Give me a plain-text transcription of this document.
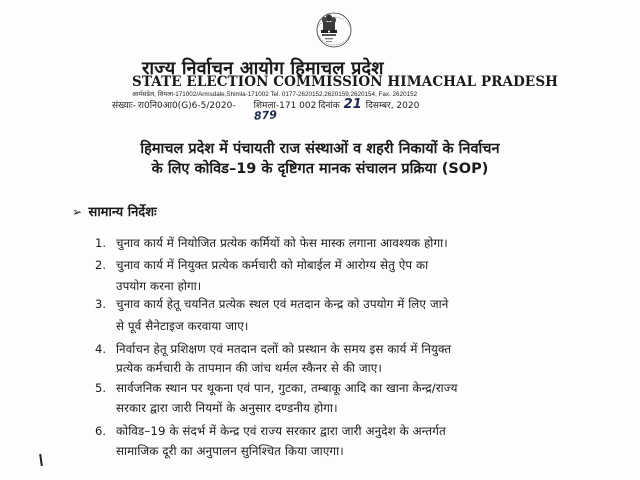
राज्य निर्वाचन आयोग हिमाचल प्रदेश
STATE ELECTION COMMISSION HIMACHAL PRADESH
आर्मसडेल, शिमला-171002/Armsdale,Shimla-171002 Tel. 0177-2620152,2620159,2620154, Fax. 2620152
संख्याः- रा0नि0आ0(G)6-5/2020- शिमला-171 002 दिनांक 21 दिसम्बर, 2020
879
हिमाचल प्रदेश में पंचायती राज संस्थाओं व शहरी निकायों के निर्वाचन
के लिए कोविड–19 के दृष्टिगत मानक संचालन प्रक्रिया (SOP)
➢ सामान्य निर्देशः
1. चुनाव कार्य में नियोजित प्रत्येक कर्मियों को फेस मास्क लगाना आवश्यक होगा।
2. चुनाव कार्य में नियुक्त प्रत्येक कर्मचारी को मोबाईल में आरोग्य सेतु ऐप का
उपयोग करना होगा।
3. चुनाव कार्य हेतू चयनित प्रत्येक स्थल एवं मतदान केन्द्र को उपयोग में लिए जाने
से पूर्व सैनेटाइज करवाया जाए।
4. निर्वाचन हेतू प्रशिक्षण एवं मतदान दलों को प्रस्थान के समय इस कार्य में नियुक्त
प्रत्येक कर्मचारी के तापमान की जांच थर्मल स्कैनर से की जाए।
5. सार्वजनिक स्थान पर थूकना एवं पान, गुटका, तम्बाकू आदि का खाना केन्द्र/राज्य
सरकार द्वारा जारी नियमों के अनुसार दण्डनीय होगा।
6. कोविड–19 के संदर्भ में केन्द्र एवं राज्य सरकार द्वारा जारी अनुदेश के अन्तर्गत
सामाजिक दूरी का अनुपालन सुनिश्चित किया जाएगा।
